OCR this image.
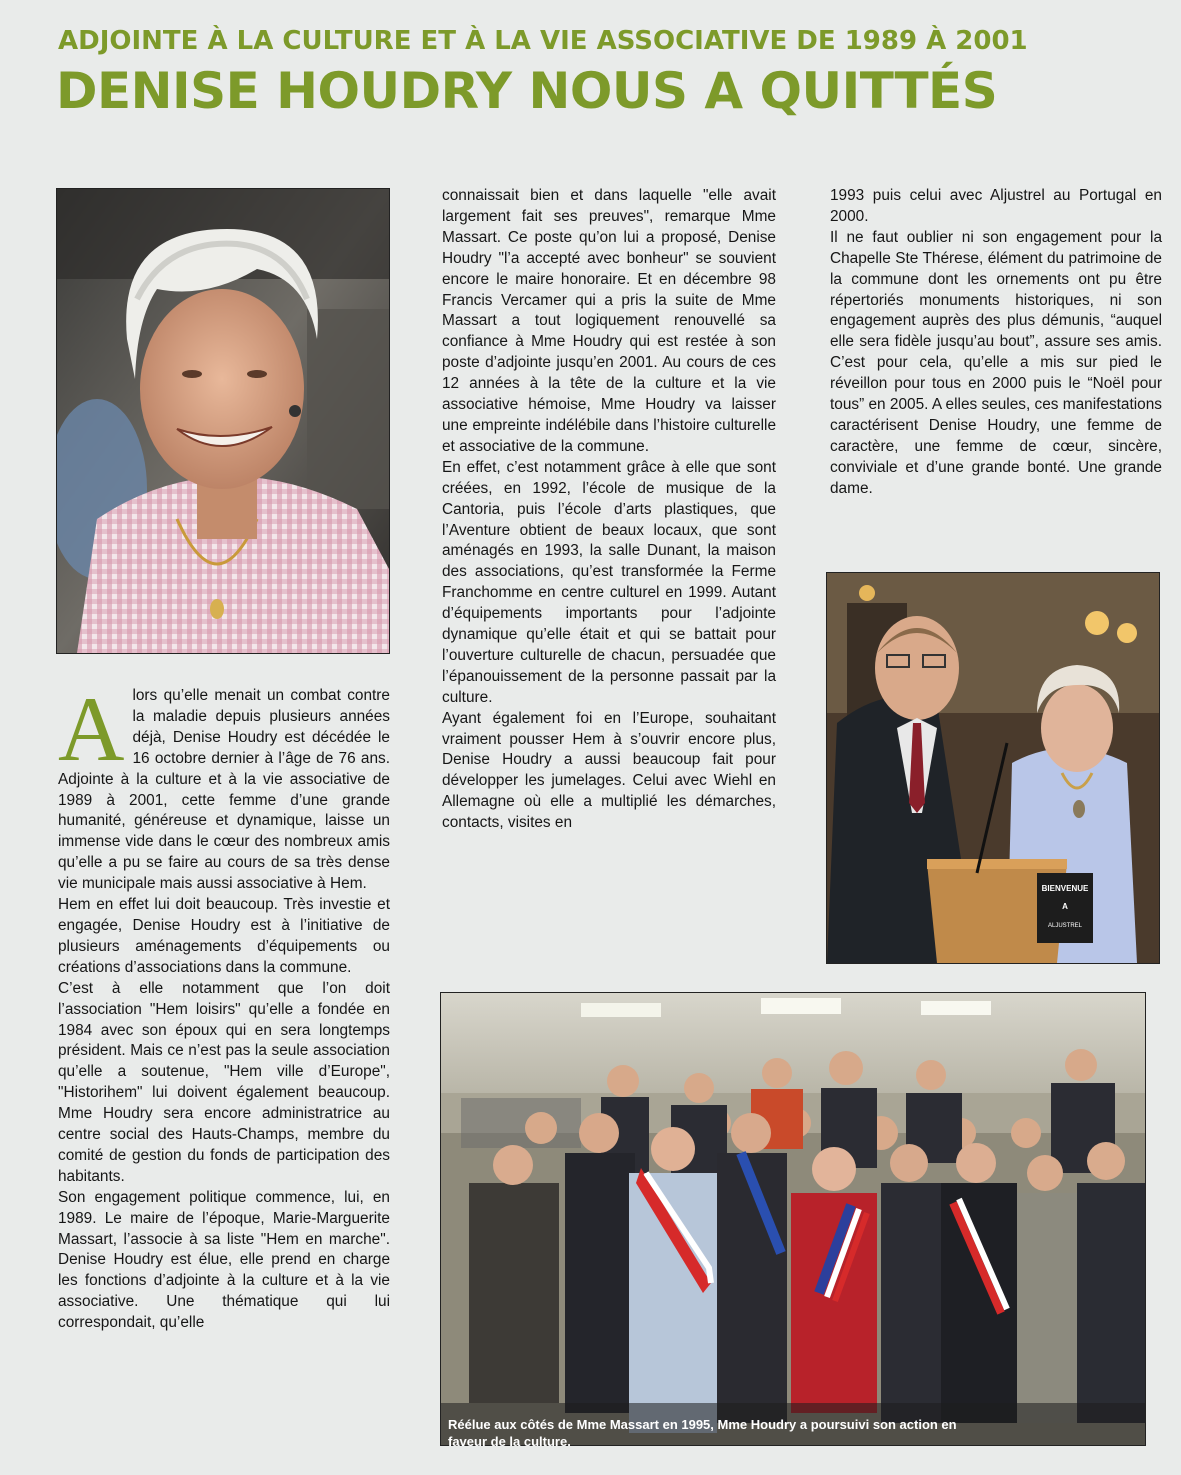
ADJOINTE À LA CULTURE ET À LA VIE ASSOCIATIVE DE 1989 À 2001
DENISE HOUDRY NOUS A QUITTÉS

Alors qu’elle menait un combat contre la maladie depuis plusieurs années déjà, Denise Houdry est décédée le 16 octobre dernier à l’âge de 76 ans. Adjointe à la culture et à la vie associative de 1989 à 2001, cette femme d’une grande humanité, généreuse et dynamique, laisse un immense vide dans le cœur des nombreux amis qu’elle a pu se faire au cours de sa très dense vie municipale mais aussi associative à Hem.

Hem en effet lui doit beaucoup. Très investie et engagée, Denise Houdry est à l’initiative de plusieurs aménagements d’équipements ou créations d’associations dans la commune.

C’est à elle notamment que l’on doit l’association "Hem loisirs" qu’elle a fondée en 1984 avec son époux qui en sera longtemps président. Mais ce n’est pas la seule association qu’elle a soutenue, "Hem ville d’Europe", "Historihem" lui doivent également beaucoup. Mme Houdry sera encore administratrice au centre social des Hauts-Champs, membre du comité de gestion du fonds de participation des habitants.

Son engagement politique commence, lui, en 1989. Le maire de l’époque, Marie-Marguerite Massart, l’associe à sa liste "Hem en marche". Denise Houdry est élue, elle prend en charge les fonctions d’adjointe à la culture et à la vie associative. Une thématique qui lui correspondait, qu’elle

connaissait bien et dans laquelle "elle avait largement fait ses preuves", remarque Mme Massart. Ce poste qu’on lui a proposé, Denise Houdry "l’a accepté avec bonheur" se souvient encore le maire honoraire. Et en décembre 98 Francis Vercamer qui a pris la suite de Mme Massart a tout logiquement renouvellé sa confiance à Mme Houdry qui est restée à son poste d’adjointe jusqu’en 2001. Au cours de ces 12 années à la tête de la culture et la vie associative hémoise, Mme Houdry va laisser une empreinte indélébile dans l’histoire culturelle et associative de la commune.

En effet, c’est notamment grâce à elle que sont créées, en 1992, l’école de musique de la Cantoria, puis l’école d’arts plastiques, que l’Aventure obtient de beaux locaux, que sont aménagés en 1993, la salle Dunant, la maison des associations, qu’est transformée la Ferme Franchomme en centre culturel en 1999. Autant d’équipements importants pour l’adjointe dynamique qu’elle était et qui se battait pour l’ouverture culturelle de chacun, persuadée que l’épanouissement de la personne passait par la culture.

Ayant également foi en l’Europe, souhaitant vraiment pousser Hem à s’ouvrir encore plus, Denise Houdry a aussi beaucoup fait pour développer les jumelages. Celui avec Wiehl en Allemagne où elle a multiplié les démarches, contacts, visites en

1993 puis celui avec Aljustrel au Portugal en 2000.

Il ne faut oublier ni son engagement pour la Chapelle Ste Thérese, élément du patrimoine de la commune dont les ornements ont pu être répertoriés monuments historiques, ni son engagement auprès des plus démunis, “auquel elle sera fidèle jusqu’au bout”, assure ses amis. C’est pour cela, qu’elle a mis sur pied le réveillon pour tous en 2000 puis le “Noël pour tous” en 2005. A elles seules, ces manifestations caractérisent Denise Houdry, une femme de caractère, une femme de cœur, sincère, conviviale et d’une grande bonté. Une grande dame.

BIENVENUE
A
ALJUSTREL
Réélue aux côtés de Mme Massart en 1995, Mme Houdry a poursuivi son action en faveur de la culture.
